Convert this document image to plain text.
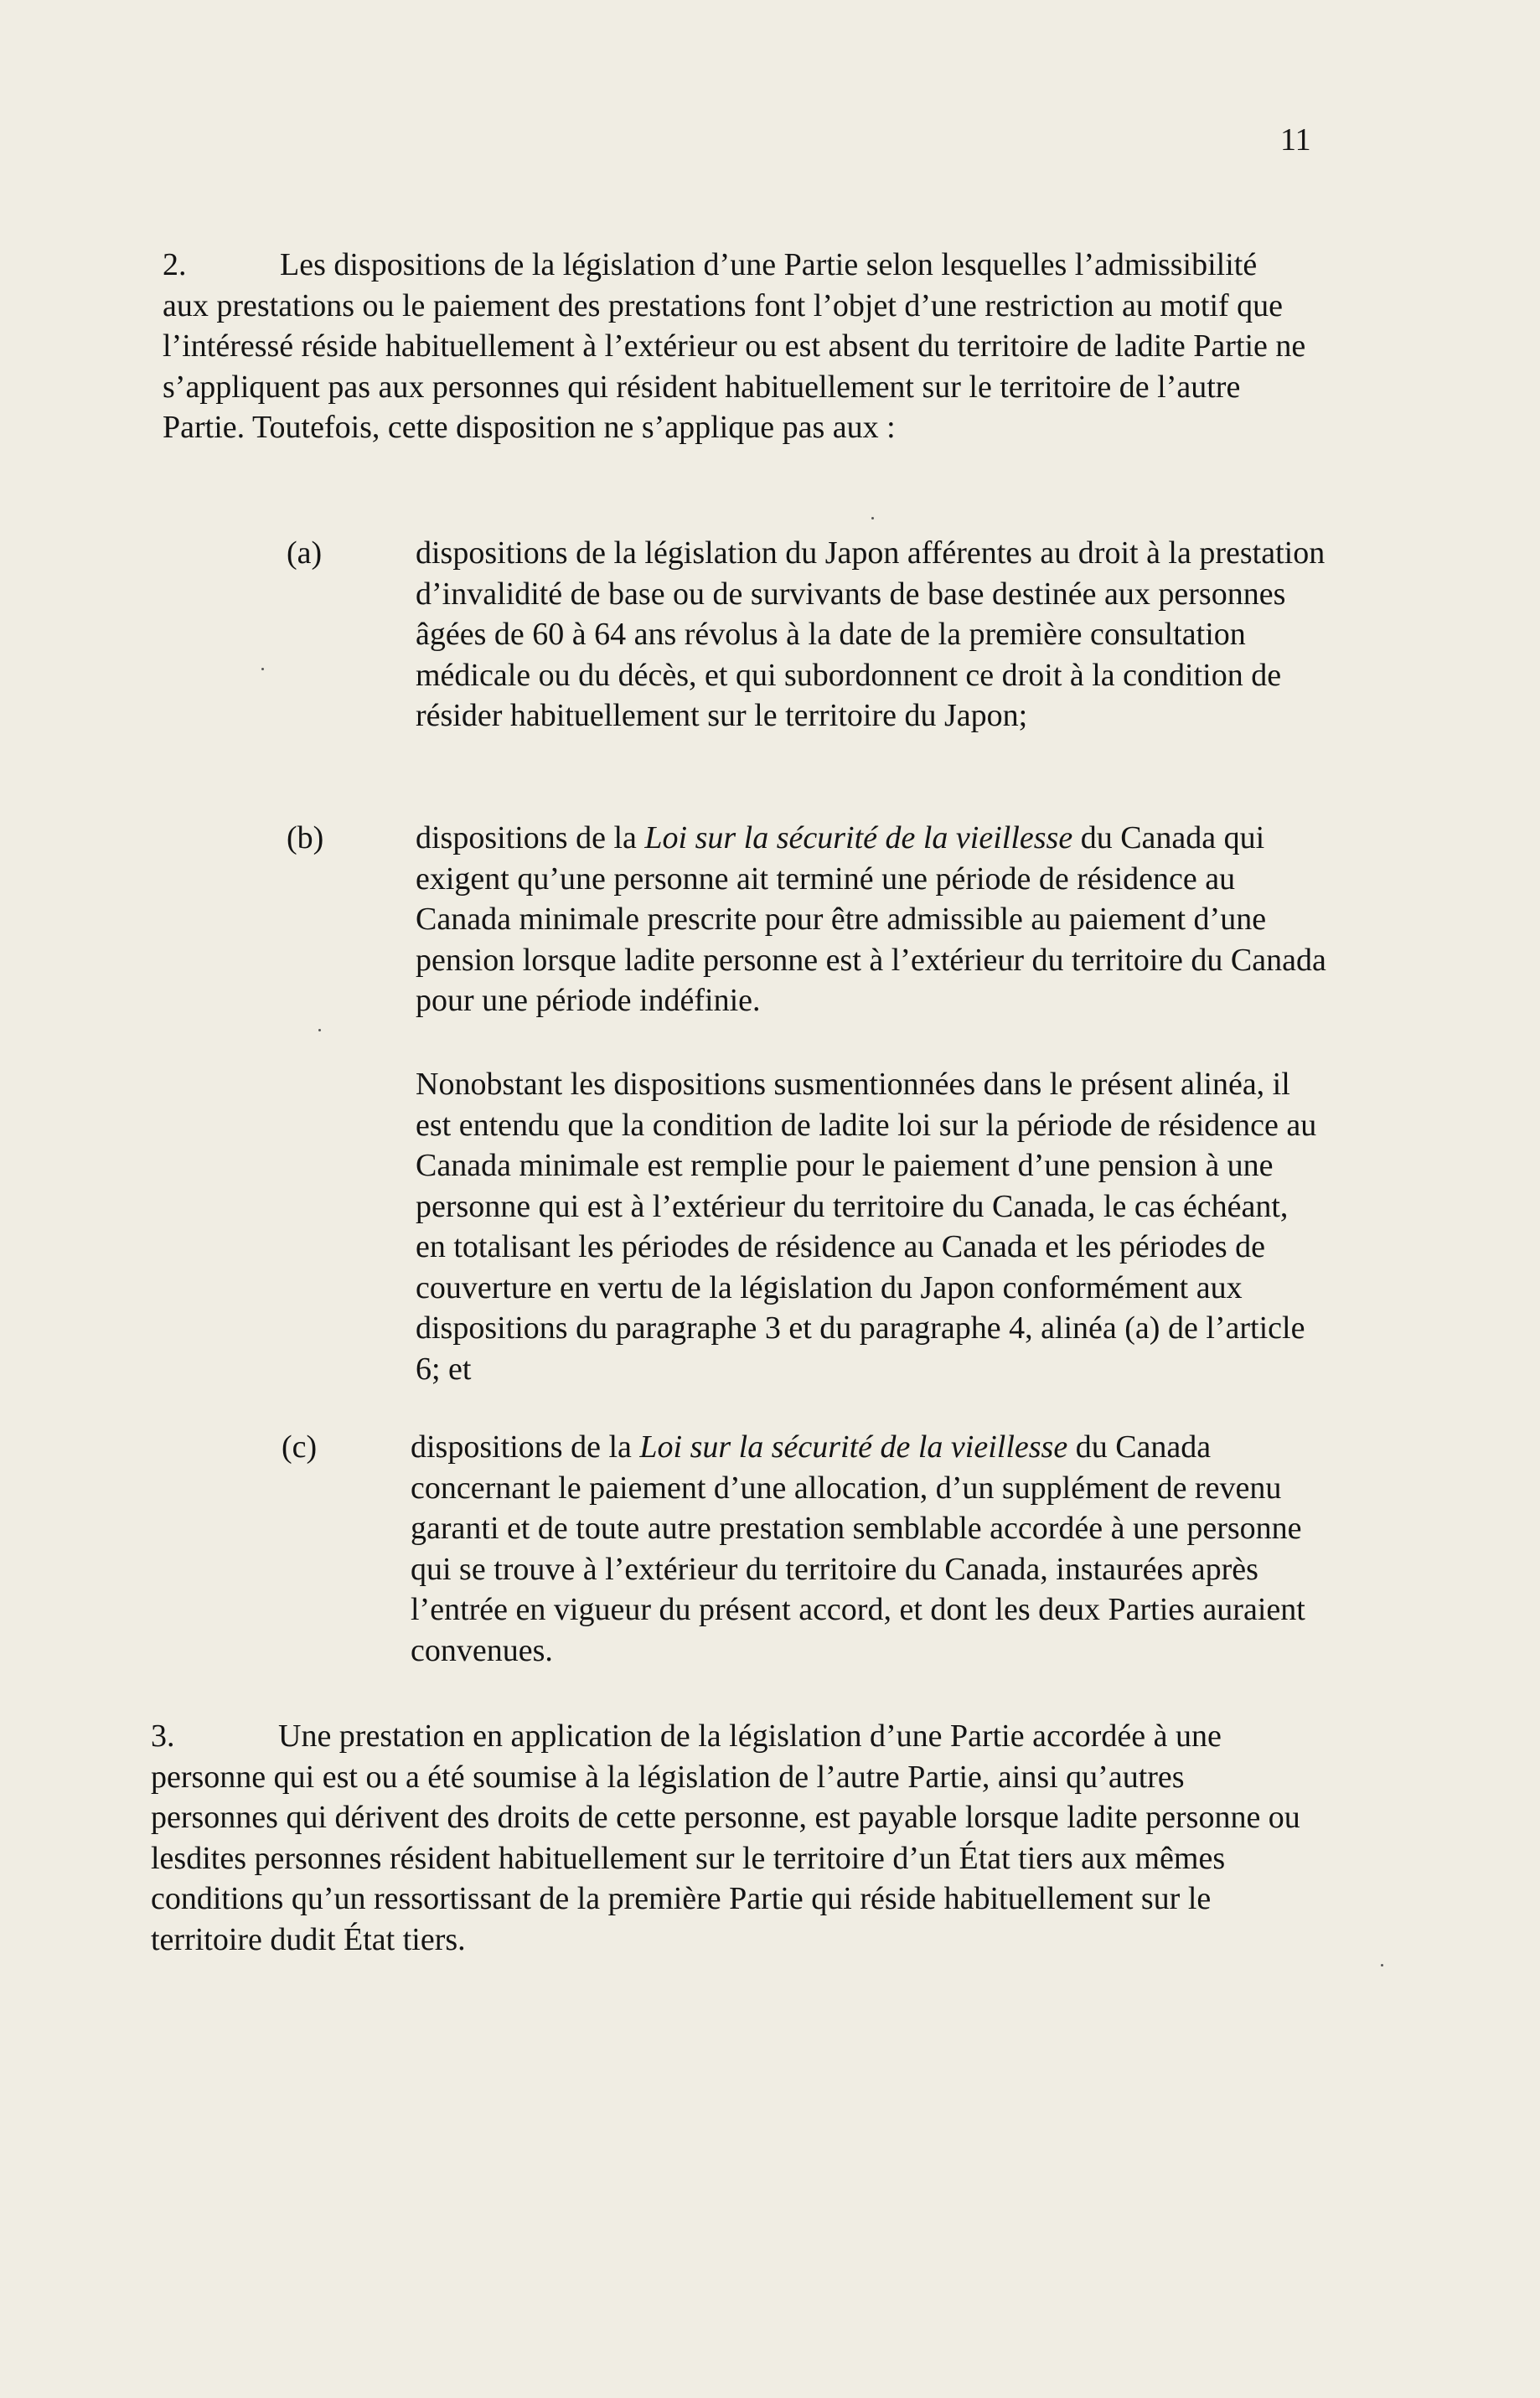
11
2.	Les dispositions de la législation d’une Partie selon lesquelles l’admissibilité aux prestations ou le paiement des prestations font l’objet d’une restriction au motif que l’intéressé réside habituellement à l’extérieur ou est absent du territoire de ladite Partie ne s’appliquent pas aux personnes qui résident habituellement sur le territoire de l’autre Partie. Toutefois, cette disposition ne s’applique pas aux :
(a)	dispositions de la législation du Japon afférentes au droit à la prestation d’invalidité de base ou de survivants de base destinée aux personnes âgées de 60 à 64 ans révolus à la date de la première consultation médicale ou du décès, et qui subordonnent ce droit à la condition de résider habituellement sur le territoire du Japon;
(b)	dispositions de la Loi sur la sécurité de la vieillesse du Canada qui exigent qu’une personne ait terminé une période de résidence au Canada minimale prescrite pour être admissible au paiement d’une pension lorsque ladite personne est à l’extérieur du territoire du Canada pour une période indéfinie.
Nonobstant les dispositions susmentionnées dans le présent alinéa, il est entendu que la condition de ladite loi sur la période de résidence au Canada minimale est remplie pour le paiement d’une pension à une personne qui est à l’extérieur du territoire du Canada, le cas échéant, en totalisant les périodes de résidence au Canada et les périodes de couverture en vertu de la législation du Japon conformément aux dispositions du paragraphe 3 et du paragraphe 4, alinéa (a) de l’article 6; et
(c)	dispositions de la Loi sur la sécurité de la vieillesse du Canada concernant le paiement d’une allocation, d’un supplément de revenu garanti et de toute autre prestation semblable accordée à une personne qui se trouve à l’extérieur du territoire du Canada, instaurées après l’entrée en vigueur du présent accord, et dont les deux Parties auraient convenues.
3.	Une prestation en application de la législation d’une Partie accordée à une personne qui est ou a été soumise à la législation de l’autre Partie, ainsi qu’autres personnes qui dérivent des droits de cette personne, est payable lorsque ladite personne ou lesdites personnes résident habituellement sur le territoire d’un État tiers aux mêmes conditions qu’un ressortissant de la première Partie qui réside habituellement sur le territoire dudit État tiers.
